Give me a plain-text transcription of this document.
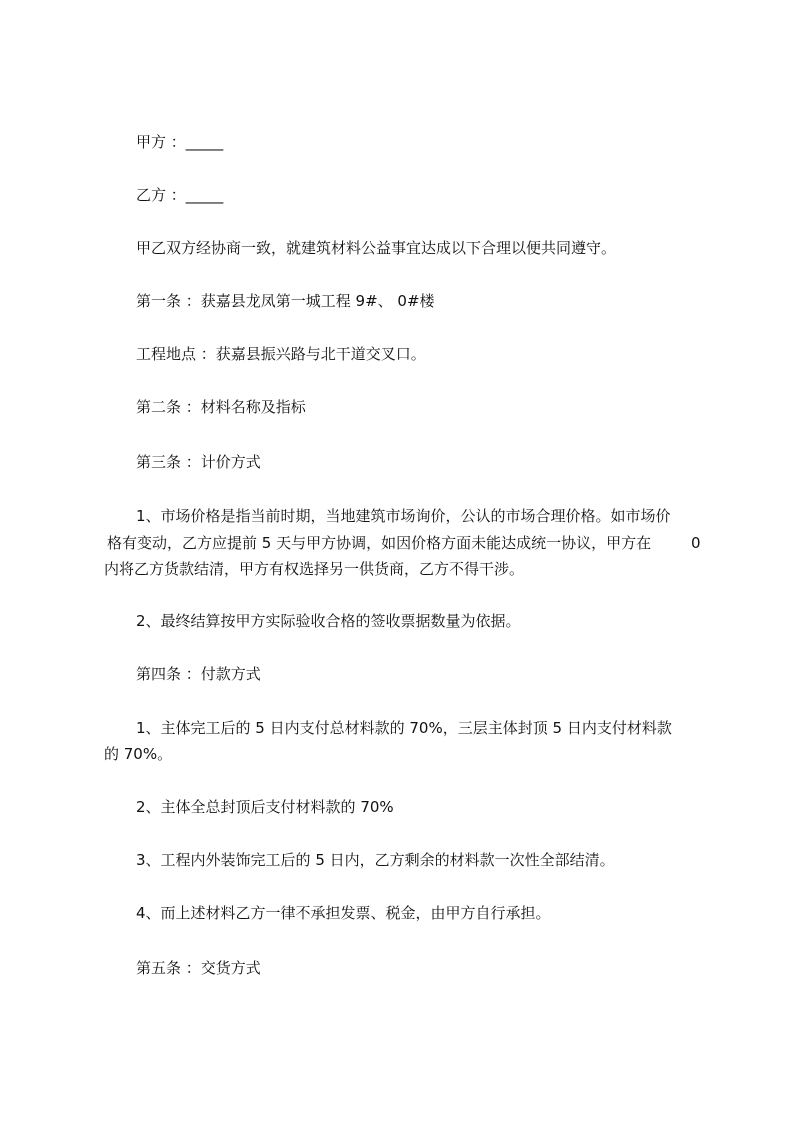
甲方 ：_____

乙方 ：_____

甲乙双方经协商一致，就建筑材料公益事宜达成以下合理以便共同遵守。

第一条 ：获嘉县龙凤第一城工程 9#、 0#楼

工程地点 ：获嘉县振兴路与北干道交叉口。

第二条 ：材料名称及指标

第三条 ：计价方式

1、市场价格是指当前时期，当地建筑市场询价，公认的市场合理价格。如市场价
格有变动，乙方应提前 5 天与甲方协调，如因价格方面未能达成统一协议，甲方在	0
内将乙方货款结清，甲方有权选择另一供货商，乙方不得干涉。

2、最终结算按甲方实际验收合格的签收票据数量为依据。

第四条 ：付款方式

1、主体完工后的 5 日内支付总材料款的 70%，三层主体封顶 5 日内支付材料款
的 70%。

2、主体全总封顶后支付材料款的 70%

3、工程内外装饰完工后的 5 日内，乙方剩余的材料款一次性全部结清。

4、而上述材料乙方一律不承担发票、税金，由甲方自行承担。

第五条 ：交货方式
